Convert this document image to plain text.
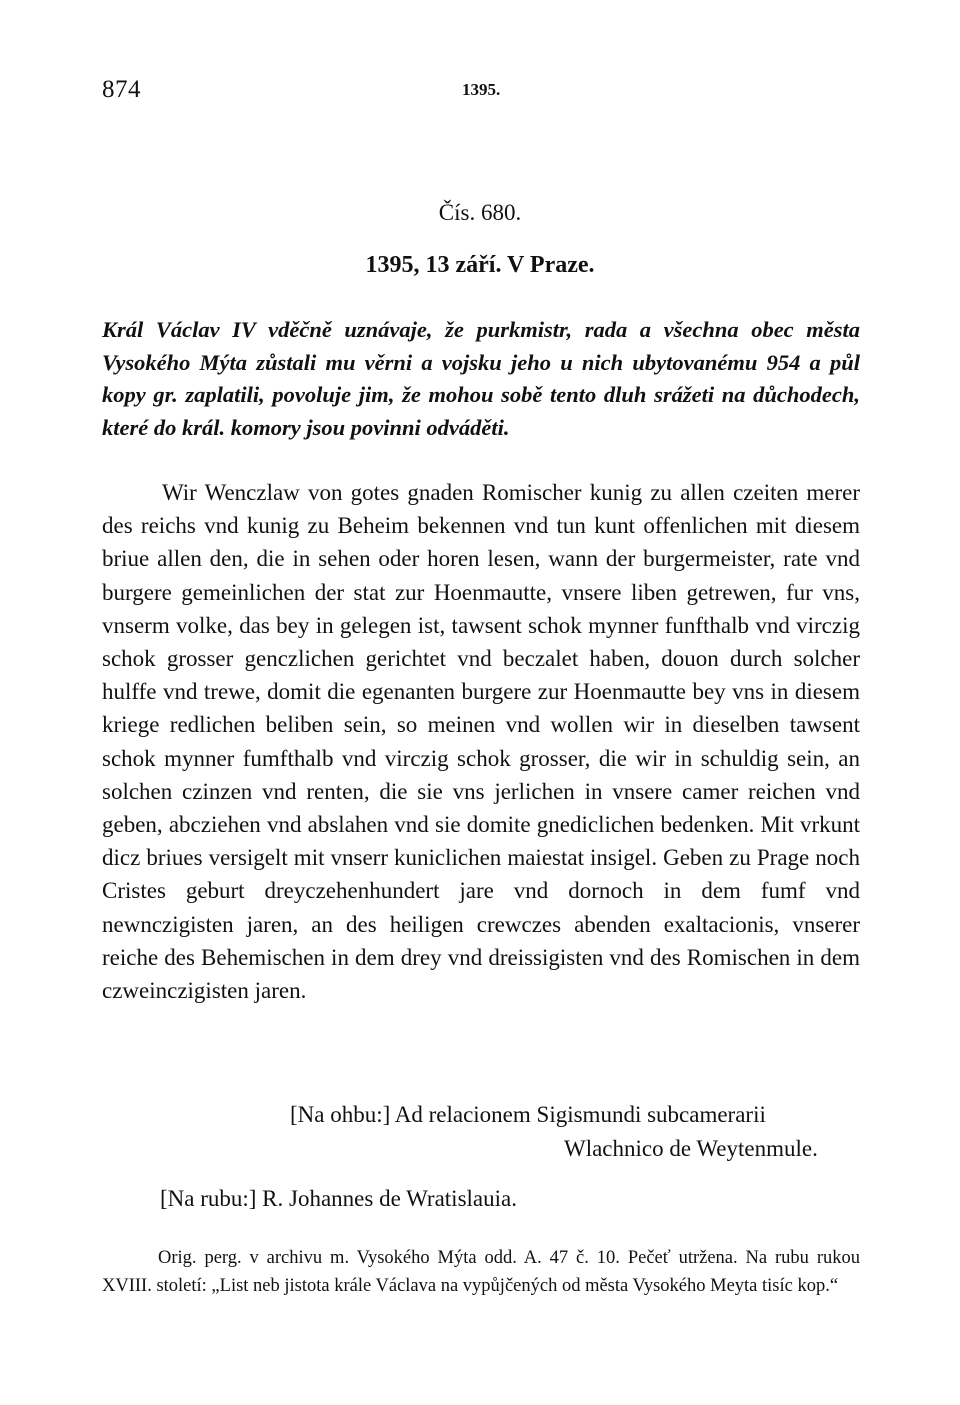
874	1395.
Čís. 680.
1395, 13 září. V Praze.

Král Václav IV vděčně uznávaje, že purkmistr, rada a všechna obec města Vysokého Mýta zůstali mu věrni a vojsku jeho u nich ubytovanému 954 a půl kopy gr. zaplatili, povoluje jim, že mohou sobě tento dluh srážeti na důchodech, které do král. komory jsou povinni odváděti.

Wir Wenczlaw von gotes gnaden Romischer kunig zu allen czeiten merer des reichs vnd kunig zu Beheim bekennen vnd tun kunt offenlichen mit diesem briue allen den, die in sehen oder horen lesen, wann der burgermeister, rate vnd burgere gemeinlichen der stat zur Hoenmautte, vnsere liben getrewen, fur vns, vnserm volke, das bey in gelegen ist, tawsent schok mynner funfthalb vnd virczig schok grosser genczlichen gerichtet vnd beczalet haben, douon durch solcher hulffe vnd trewe, domit die egenanten burgere zur Hoenmautte bey vns in diesem kriege redlichen beliben sein, so meinen vnd wollen wir in dieselben tawsent schok mynner fumfthalb vnd virczig schok grosser, die wir in schuldig sein, an solchen czinzen vnd renten, die sie vns jerlichen in vnsere camer reichen vnd geben, abcziehen vnd abslahen vnd sie domite gnediclichen bedenken. Mit vrkunt dicz briues versigelt mit vnserr kuniclichen maiestat insigel. Geben zu Prage noch Cristes geburt dreyczehenhundert jare vnd dornoch in dem fumf vnd newnczigisten jaren, an des heiligen crewczes abenden exaltacionis, vnserer reiche des Behemischen in dem drey vnd dreissigisten vnd des Romischen in dem czweinczigisten jaren.

[Na ohbu:] Ad relacionem Sigismundi subcamerarii
Wlachnico de Weytenmule.
[Na rubu:] R. Johannes de Wratislauia.

Orig. perg. v archivu m. Vysokého Mýta odd. A. 47 č. 10. Pečeť utržena. Na rubu rukou XVIII. století: „List neb jistota krále Václava na vypůjčených od města Vysokého Meyta tisíc kop.“
